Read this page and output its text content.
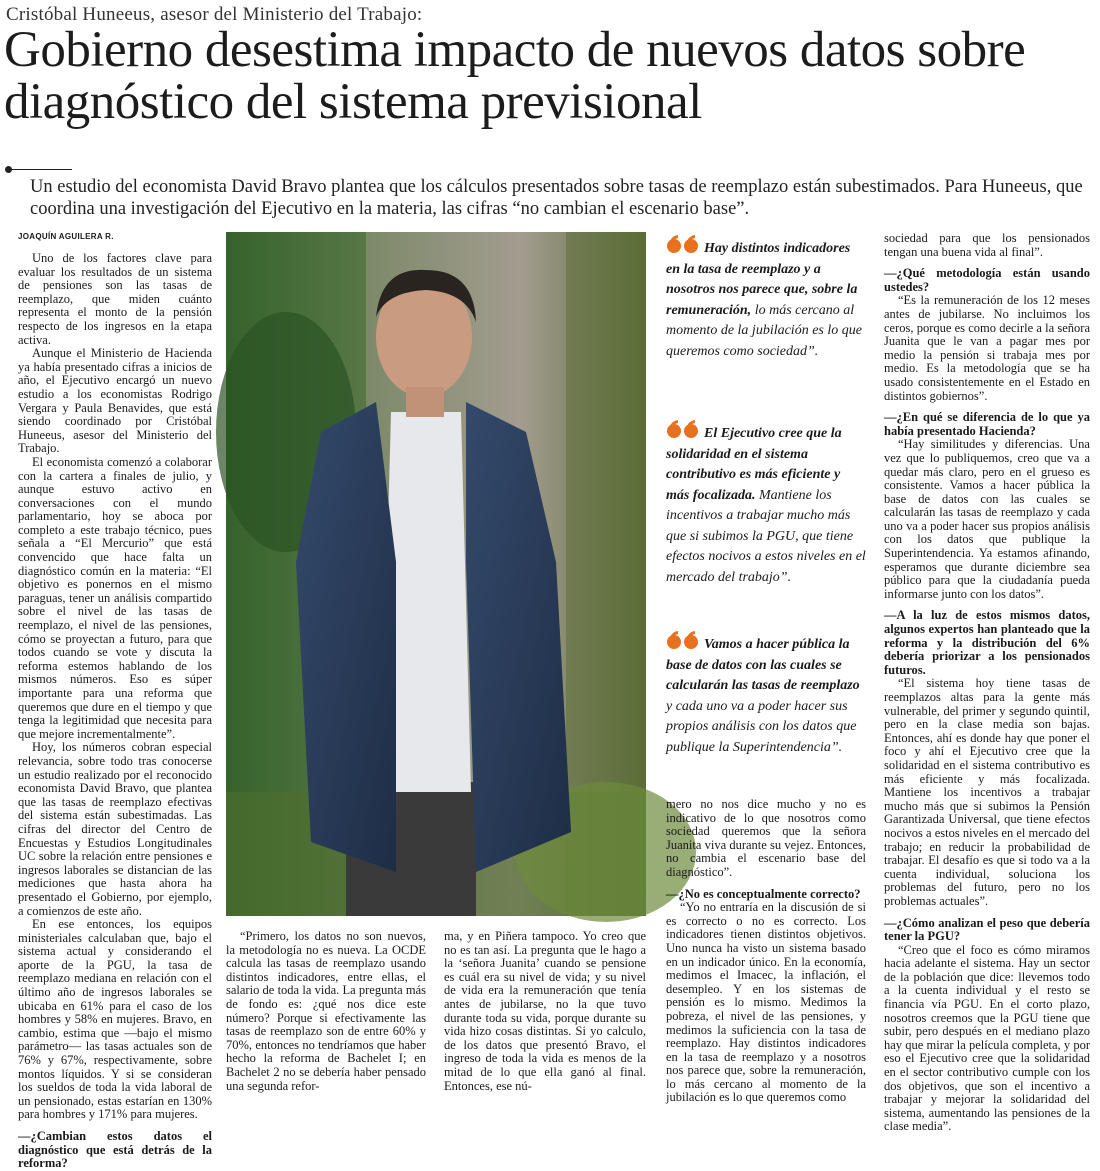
Cristóbal Huneeus, asesor del Ministerio del Trabajo:
Gobierno desestima impacto de nuevos datos sobre diagnóstico del sistema previsional
Un estudio del economista David Bravo plantea que los cálculos presentados sobre tasas de reemplazo están subestimados. Para Huneeus, que coordina una investigación del Ejecutivo en la materia, las cifras “no cambian el escenario base”.
JOAQUÍN AGUILERA R.

Uno de los factores clave para evaluar los resultados de un sistema de pensiones son las tasas de reemplazo, que miden cuánto representa el monto de la pensión respecto de los ingresos en la etapa activa.

Aunque el Ministerio de Hacienda ya había presentado cifras a inicios de año, el Ejecutivo encargó un nuevo estudio a los economistas Rodrigo Vergara y Paula Benavides, que está siendo coordinado por Cristóbal Huneeus, asesor del Ministerio del Trabajo.

El economista comenzó a colaborar con la cartera a finales de julio, y aunque estuvo activo en conversaciones con el mundo parlamentario, hoy se aboca por completo a este trabajo técnico, pues señala a “El Mercurio” que está convencido que hace falta un diagnóstico común en la materia: “El objetivo es ponernos en el mismo paraguas, tener un análisis compartido sobre el nivel de las tasas de reemplazo, el nivel de las pensiones, cómo se proyectan a futuro, para que todos cuando se vote y discuta la reforma estemos hablando de los mismos números. Eso es súper importante para una reforma que queremos que dure en el tiempo y que tenga la legitimidad que necesita para que mejore incrementalmente”.

Hoy, los números cobran especial relevancia, sobre todo tras conocerse un estudio realizado por el reconocido economista David Bravo, que plantea que las tasas de reemplazo efectivas del sistema están subestimadas. Las cifras del director del Centro de Encuestas y Estudios Longitudinales UC sobre la relación entre pensiones e ingresos laborales se distancian de las mediciones que hasta ahora ha presentado el Gobierno, por ejemplo, a comienzos de este año.

En ese entonces, los equipos ministeriales calculaban que, bajo el sistema actual y considerando el aporte de la PGU, la tasa de reemplazo mediana en relación con el último año de ingresos laborales se ubicaba en 61% para el caso de los hombres y 58% en mujeres. Bravo, en cambio, estima que —bajo el mismo parámetro— las tasas actuales son de 76% y 67%, respectivamente, sobre montos líquidos. Y si se consideran los sueldos de toda la vida laboral de un pensionado, estas estarían en 130% para hombres y 171% para mujeres.

—¿Cambian estos datos el diagnóstico que está detrás de la reforma?

“Primero, los datos no son nuevos, la metodología no es nueva. La OCDE calcula las tasas de reemplazo usando distintos indicadores, entre ellas, el salario de toda la vida. La pregunta más de fondo es: ¿qué nos dice este número? Porque si efectivamente las tasas de reemplazo son de entre 60% y 70%, entonces no tendríamos que haber hecho la reforma de Bachelet I; en Bachelet 2 no se debería haber pensado una segunda refor-

ma, y en Piñera tampoco. Yo creo que no es tan así. La pregunta que le hago a la ‘señora Juanita’ cuando se pensione es cuál era su nivel de vida; y su nivel de vida era la remuneración que tenía antes de jubilarse, no la que tuvo durante toda su vida, porque durante su vida hizo cosas distintas. Si yo calculo, de los datos que presentó Bravo, el ingreso de toda la vida es menos de la mitad de lo que ella ganó al final. Entonces, ese nú-

Hay distintos indicadores en la tasa de reemplazo y a nosotros nos parece que, sobre la remuneración, lo más cercano al momento de la jubilación es lo que queremos como sociedad”.
El Ejecutivo cree que la solidaridad en el sistema contributivo es más eficiente y más focalizada. Mantiene los incentivos a trabajar mucho más que si subimos la PGU, que tiene efectos nocivos a estos niveles en el mercado del trabajo”.
Vamos a hacer pública la base de datos con las cuales se calcularán las tasas de reemplazo y cada uno va a poder hacer sus propios análisis con los datos que publique la Superintendencia”.

mero no nos dice mucho y no es indicativo de lo que nosotros como sociedad queremos que la señora Juanita viva durante su vejez. Entonces, no cambia el escenario base del diagnóstico”.

—¿No es conceptualmente correcto?

“Yo no entraría en la discusión de si es correcto o no es correcto. Los indicadores tienen distintos objetivos. Uno nunca ha visto un sistema basado en un indicador único. En la economía, medimos el Imacec, la inflación, el desempleo. Y en los sistemas de pensión es lo mismo. Medimos la pobreza, el nivel de las pensiones, y medimos la suficiencia con la tasa de reemplazo. Hay distintos indicadores en la tasa de reemplazo y a nosotros nos parece que, sobre la remuneración, lo más cercano al momento de la jubilación es lo que queremos como

sociedad para que los pensionados tengan una buena vida al final”.

—¿Qué metodología están usando ustedes?

“Es la remuneración de los 12 meses antes de jubilarse. No incluimos los ceros, porque es como decirle a la señora Juanita que le van a pagar mes por medio la pensión si trabaja mes por medio. Es la metodología que se ha usado consistentemente en el Estado en distintos gobiernos”.

—¿En qué se diferencia de lo que ya había presentado Hacienda?

“Hay similitudes y diferencias. Una vez que lo publiquemos, creo que va a quedar más claro, pero en el grueso es consistente. Vamos a hacer pública la base de datos con las cuales se calcularán las tasas de reemplazo y cada uno va a poder hacer sus propios análisis con los datos que publique la Superintendencia. Ya estamos afinando, esperamos que durante diciembre sea público para que la ciudadanía pueda informarse junto con los datos”.

—A la luz de estos mismos datos, algunos expertos han planteado que la reforma y la distribución del 6% debería priorizar a los pensionados futuros.

“El sistema hoy tiene tasas de reemplazos altas para la gente más vulnerable, del primer y segundo quintil, pero en la clase media son bajas. Entonces, ahí es donde hay que poner el foco y ahí el Ejecutivo cree que la solidaridad en el sistema contributivo es más eficiente y más focalizada. Mantiene los incentivos a trabajar mucho más que si subimos la Pensión Garantizada Universal, que tiene efectos nocivos a estos niveles en el mercado del trabajo; en reducir la probabilidad de trabajar. El desafío es que si todo va a la cuenta individual, soluciona los problemas del futuro, pero no los problemas actuales”.

—¿Cómo analizan el peso que debería tener la PGU?

“Creo que el foco es cómo miramos hacia adelante el sistema. Hay un sector de la población que dice: llevemos todo a la cuenta individual y el resto se financia vía PGU. En el corto plazo, nosotros creemos que la PGU tiene que subir, pero después en el mediano plazo hay que mirar la película completa, y por eso el Ejecutivo cree que la solidaridad en el sector contributivo cumple con los dos objetivos, que son el incentivo a trabajar y mejorar la solidaridad del sistema, aumentando las pensiones de la clase media”.
